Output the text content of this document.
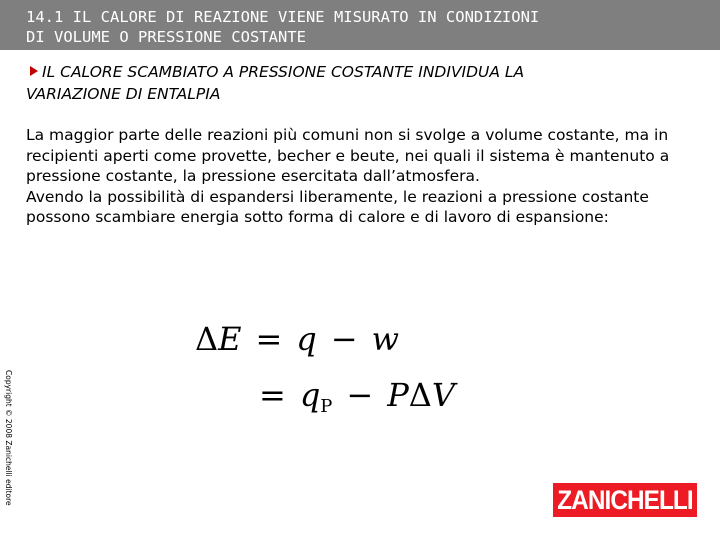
14.1 IL CALORE DI REAZIONE VIENE MISURATO IN CONDIZIONI
DI VOLUME O PRESSIONE COSTANTE
IL CALORE SCAMBIATO A PRESSIONE COSTANTE INDIVIDUA LA
VARIAZIONE DI ENTALPIA

La maggior parte delle reazioni più comuni non si svolge a volume costante, ma in recipienti aperti come provette, becher e beute, nei quali il sistema è mantenuto a pressione costante, la pressione esercitata dall’atmosfera.

Avendo la possibilità di espandersi liberamente, le reazioni a pressione costante possono scambiare energia sotto forma di calore e di lavoro di espansione:

ΔE = q − w
= $q_P - P\Delta V$
Copyright © 2008 Zanichelli editore	ZANICHELLI
